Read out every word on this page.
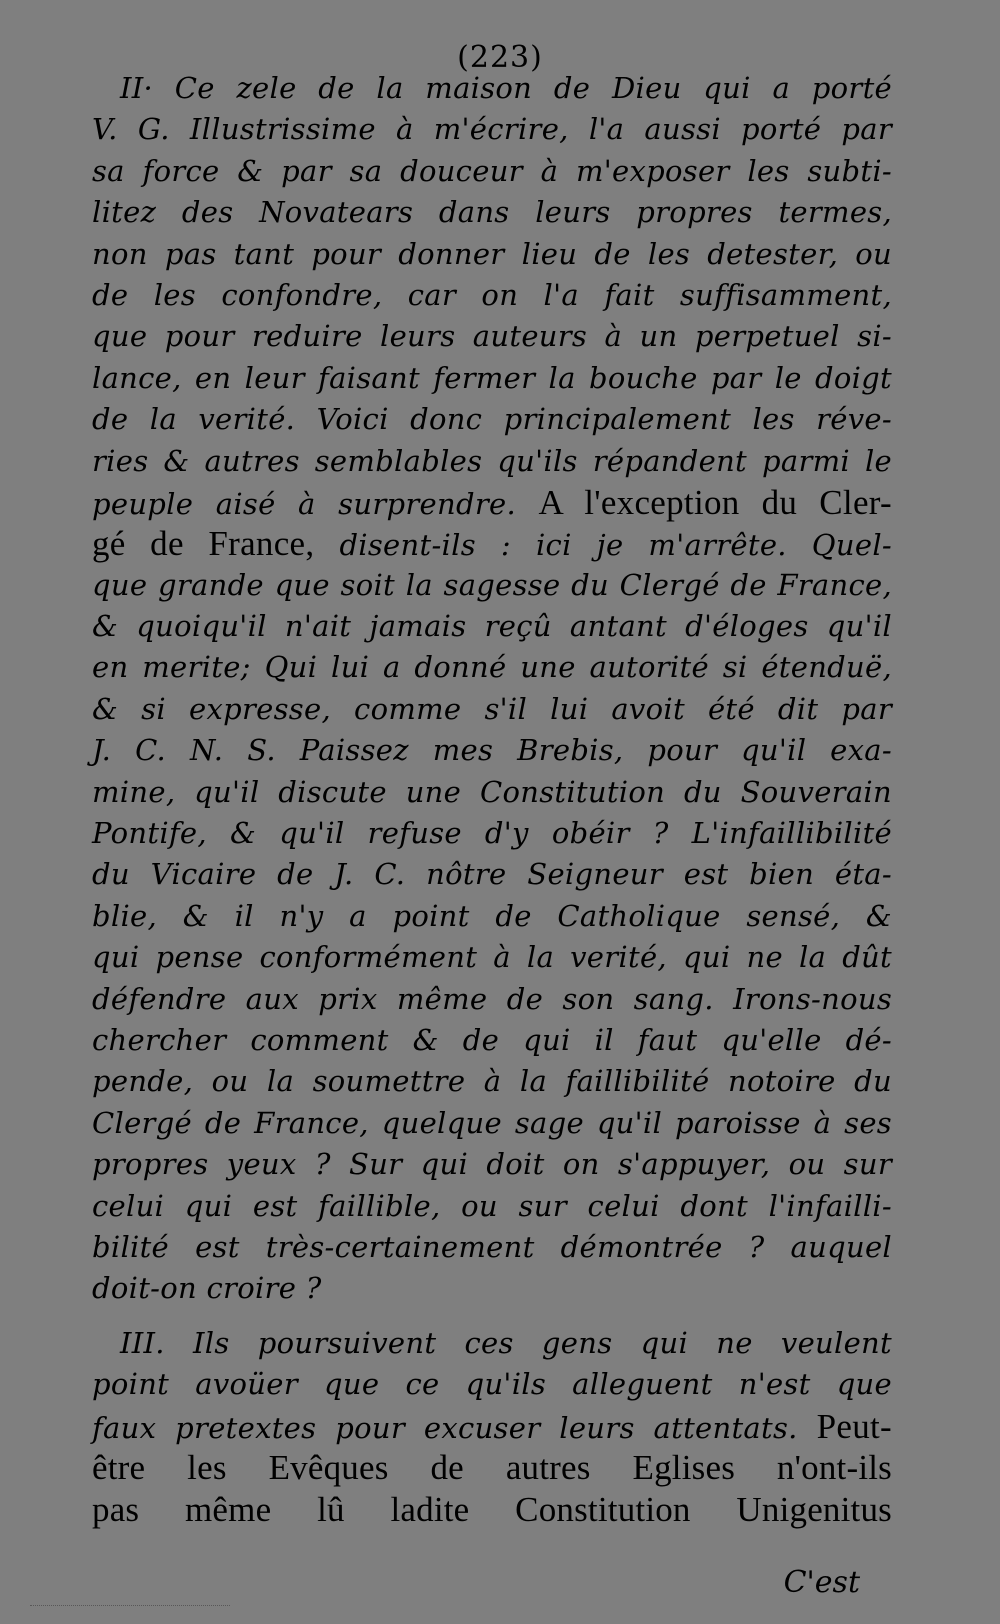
(223)
II· Ce zele de la maison de Dieu qui a porté
V. G. Illustrissime à m'écrire, l'a aussi porté par
sa force & par sa douceur à m'exposer les subti-
litez des Novatears dans leurs propres termes,
non pas tant pour donner lieu de les detester, ou
de les confondre, car on l'a fait suffisamment,
que pour reduire leurs auteurs à un perpetuel si-
lance, en leur faisant fermer la bouche par le doigt
de la verité. Voici donc principalement les réve-
ries & autres semblables qu'ils répandent parmi le
peuple aisé à surprendre. A l'exception du Cler-
gé de France, disent-ils : ici je m'arrête. Quel-
que grande que soit la sagesse du Clergé de France,
& quoiqu'il n'ait jamais reçû antant d'éloges qu'il
en merite; Qui lui a donné une autorité si étenduë,
& si expresse, comme s'il lui avoit été dit par
J. C. N. S. Paissez mes Brebis, pour qu'il exa-
mine, qu'il discute une Constitution du Souverain
Pontife, & qu'il refuse d'y obéir ? L'infaillibilité
du Vicaire de J. C. nôtre Seigneur est bien éta-
blie, & il n'y a point de Catholique sensé, &
qui pense conformément à la verité, qui ne la dût
défendre aux prix même de son sang. Irons-nous
chercher comment & de qui il faut qu'elle dé-
pende, ou la soumettre à la faillibilité notoire du
Clergé de France, quelque sage qu'il paroisse à ses
propres yeux ? Sur qui doit on s'appuyer, ou sur
celui qui est faillible, ou sur celui dont l'infailli-
bilité est très-certainement démontrée ? auquel
doit-on croire ?
III. Ils poursuivent ces gens qui ne veulent
point avoüer que ce qu'ils alleguent n'est que
faux pretextes pour excuser leurs attentats. Peut-
être les Evêques de autres Eglises n'ont-ils
pas même lû ladite Constitution Unigenitus
C'est
